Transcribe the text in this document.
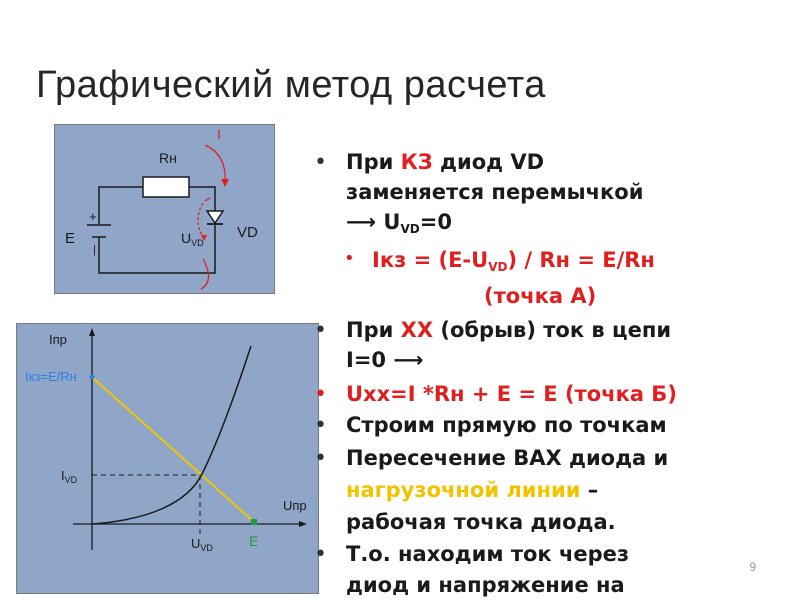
Графический метод расчета
Rн
I
E
+
|
$U_{VD}$
VD
Iпр
Uпр
Iкз=E/Rн
$I_{VD}$
$U_{VD}$	E
• При КЗ диод VD
заменяется перемычкой
⟶ $U_{VD}=0$
• Iкз = $(E-U_{VD})$ / Rн = E/Rн
(точка А)
• При ХХ (обрыв) ток в цепи
I=0 ⟶
• Uхх=I *Rн + E = E (точка Б)
• Строим прямую по точкам
• Пересечение ВАХ диода и
нагрузочной линии –
рабочая точка диода.
• Т.о. находим ток через
диод и напряжение на
9
